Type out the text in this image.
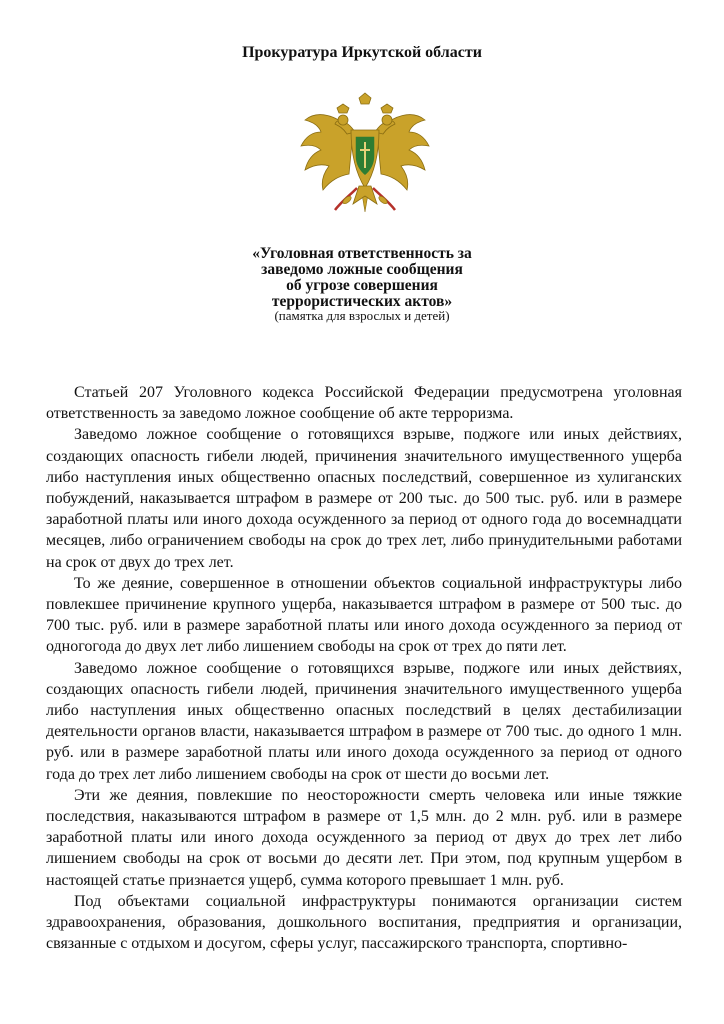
Прокуратура Иркутской области
«Уголовная ответственность за
заведомо ложные сообщения
об угрозе совершения
террористических актов»
(памятка для взрослых и детей)

Статьей 207 Уголовного кодекса Российской Федерации предусмотрена уголовная ответственность за заведомо ложное сообщение об акте терроризма.

Заведомо ложное сообщение о готовящихся взрыве, поджоге или иных действиях, создающих опасность гибели людей, причинения значительного имущественного ущерба либо наступления иных общественно опасных последствий, совершенное из хулиганских побуждений, наказывается штрафом в размере от 200 тыс. до 500 тыс. руб. или в размере заработной платы или иного дохода осужденного за период от одного года до восемнадцати месяцев, либо ограничением свободы на срок до трех лет, либо принудительными работами на срок от двух до трех лет.

То же деяние, совершенное в отношении объектов социальной инфраструктуры либо повлекшее причинение крупного ущерба, наказывается штрафом в размере от 500 тыс. до 700 тыс. руб. или в размере заработной платы или иного дохода осужденного за период от одногогода до двух лет либо лишением свободы на срок от трех до пяти лет.

Заведомо ложное сообщение о готовящихся взрыве, поджоге или иных действиях, создающих опасность гибели людей, причинения значительного имущественного ущерба либо наступления иных общественно опасных последствий в целях дестабилизации деятельности органов власти, наказывается штрафом в размере от 700 тыс. до одного 1 млн. руб. или в размере заработной платы или иного дохода осужденного за период от одного года до трех лет либо лишением свободы на срок от шести до восьми лет.

Эти же деяния, повлекшие по неосторожности смерть человека или иные тяжкие последствия, наказываются штрафом в размере от 1,5 млн. до 2 млн. руб. или в размере заработной платы или иного дохода осужденного за период от двух до трех лет либо лишением свободы на срок от восьми до десяти лет. При этом, под крупным ущербом в настоящей статье признается ущерб, сумма которого превышает 1 млн. руб.

Под объектами социальной инфраструктуры понимаются организации систем здравоохранения, образования, дошкольного воспитания, предприятия и организации, связанные с отдыхом и досугом, сферы услуг, пассажирского транспорта, спортивно-
